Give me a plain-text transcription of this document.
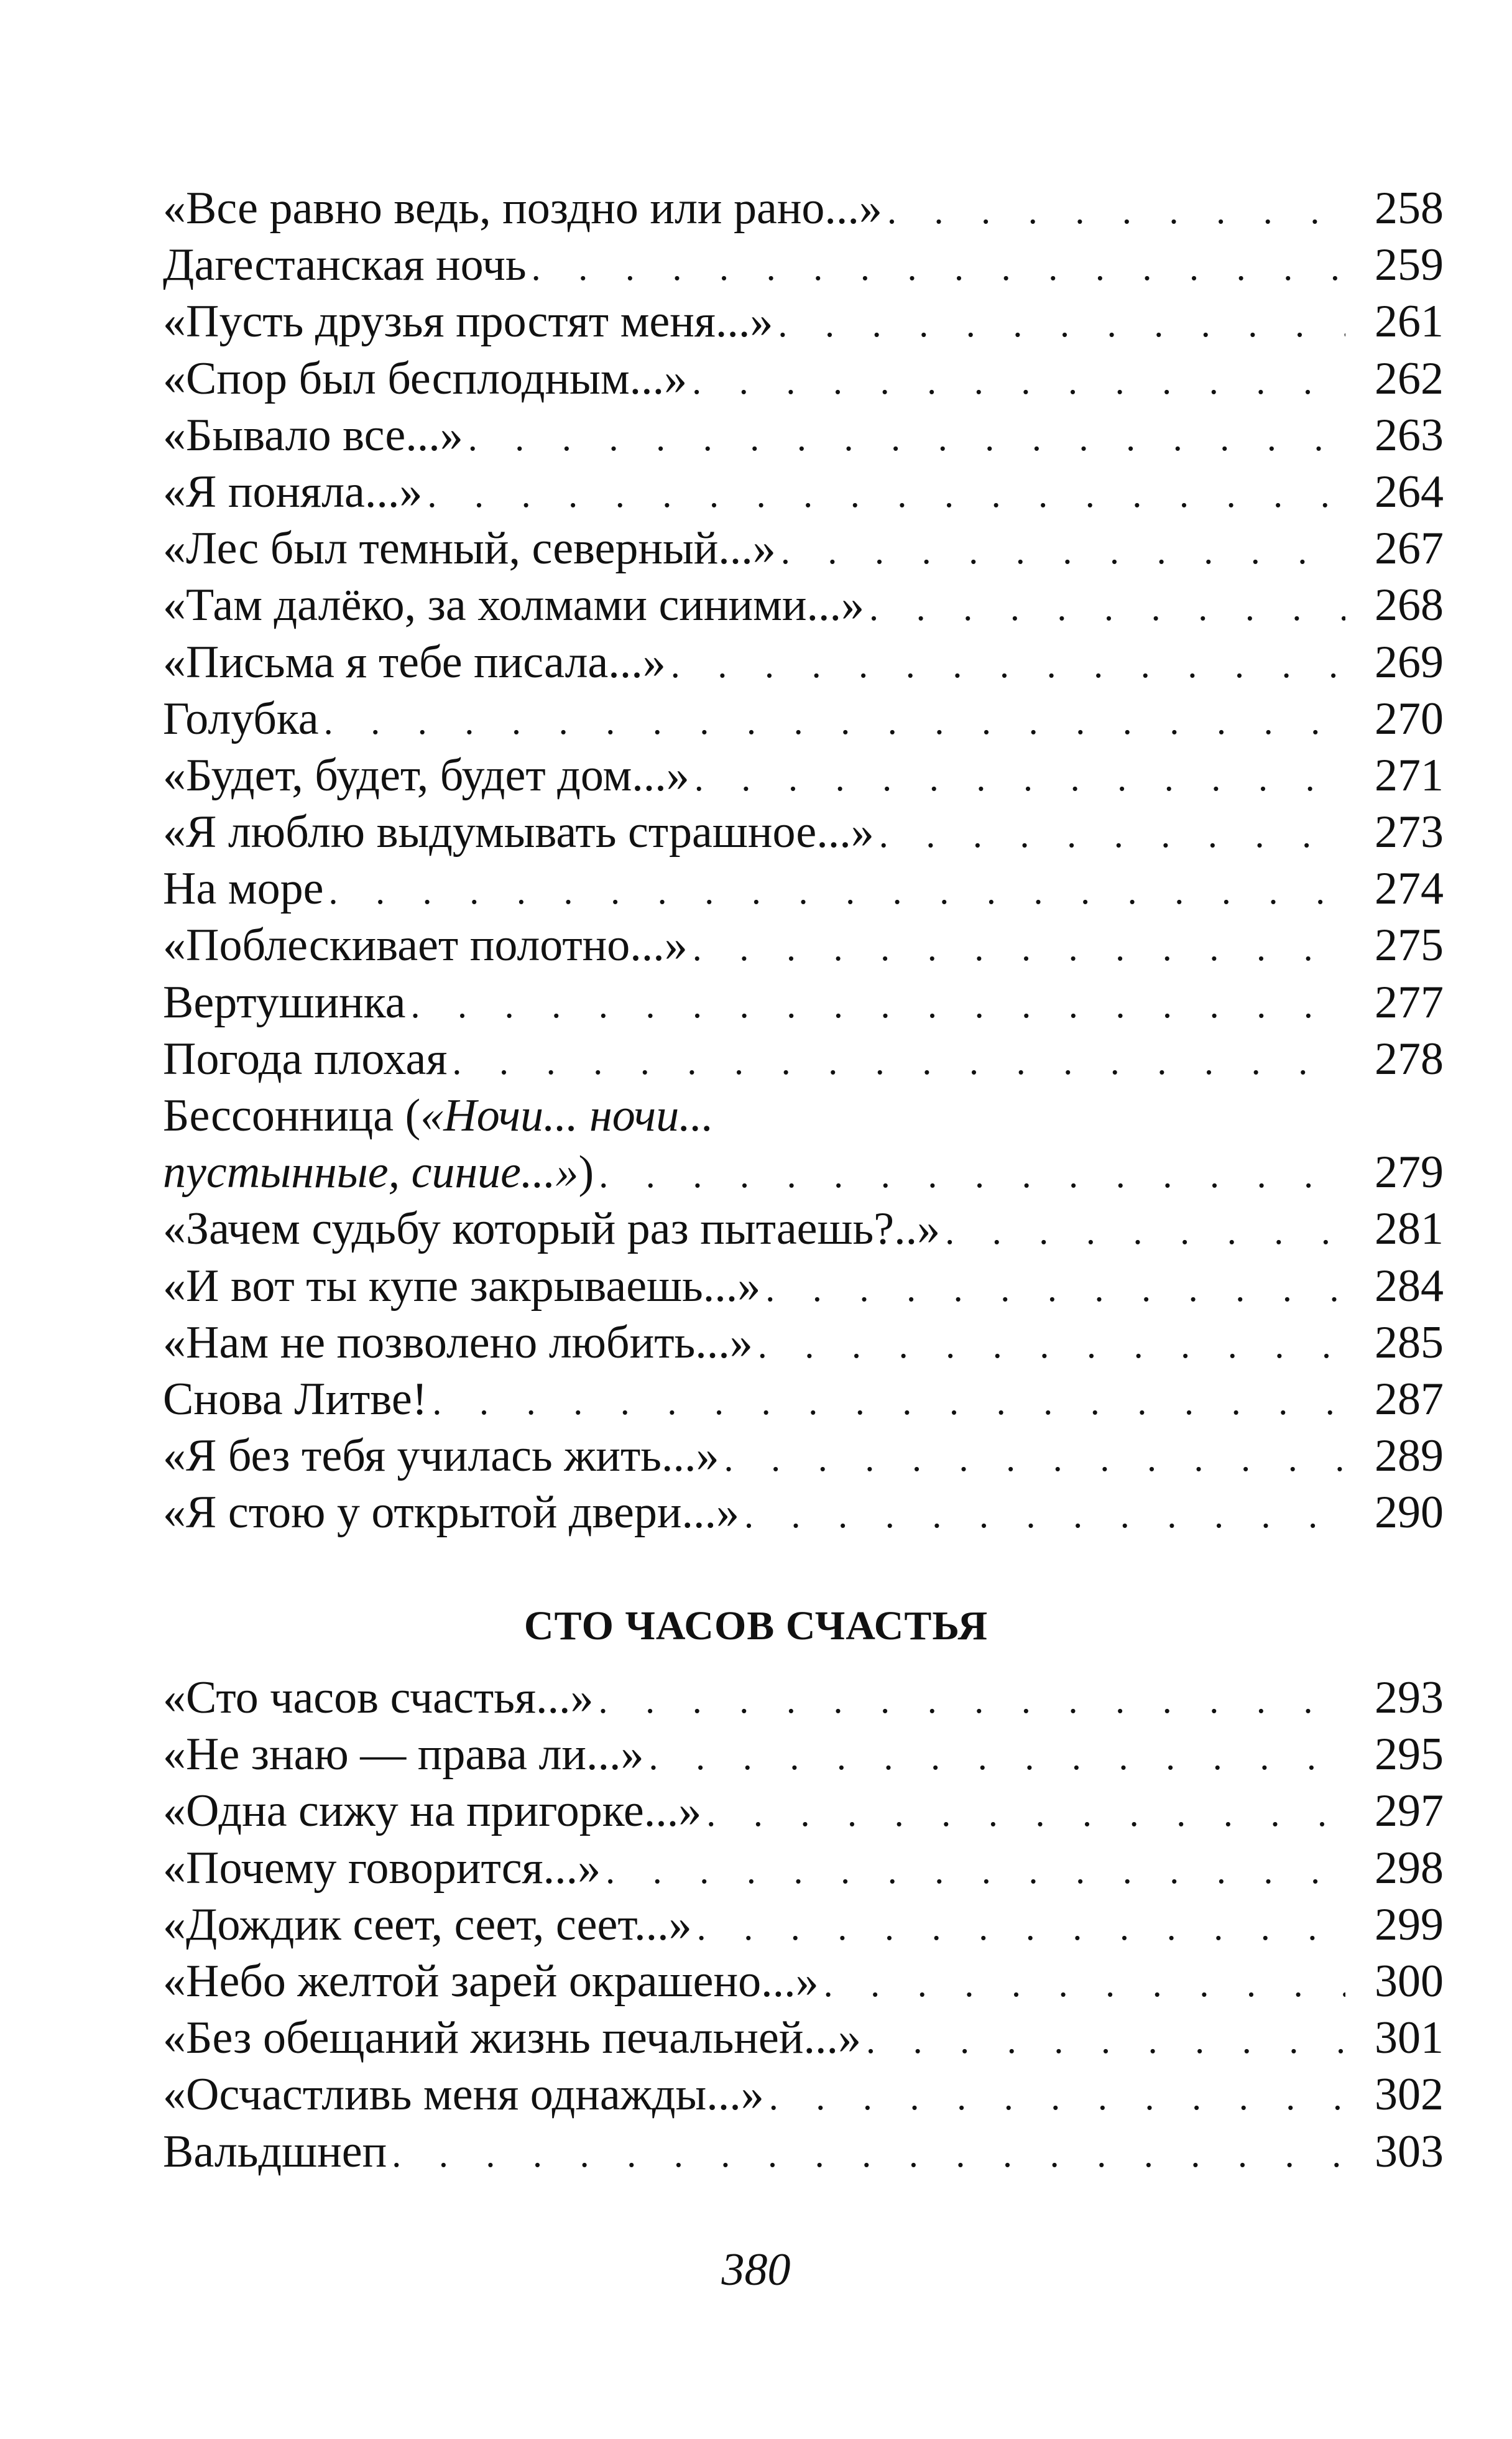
«Все равно ведь, поздно или рано...» . . .	258
Дагестанская ночь . . .	259
«Пусть друзья простят меня...» . . .	261
«Спор был бесплодным...» . . .	262
«Бывало все...» . . .	263
«Я поняла...» . . .	264
«Лес был темный, северный...» . . .	267
«Там далёко, за холмами синими...» . . .	268
«Письма я тебе писала...» . . .	269
Голубка . . .	270
«Будет, будет, будет дом...» . . .	271
«Я люблю выдумывать страшное...» . . .	273
На море . . .	274
«Поблескивает полотно...» . . .	275
Вертушинка . . .	277
Погода плохая . . .	278
Бессонница («Ночи... ночи...
пустынные, синие...») . . .	279
«Зачем судьбу который раз пытаешь?..» . . .	281
«И вот ты купе закрываешь...» . . .	284
«Нам не позволено любить...» . . .	285
Снова Литве! . . .	287
«Я без тебя училась жить...» . . .	289
«Я стою у открытой двери...» . . .	290
СТО ЧАСОВ СЧАСТЬЯ
«Сто часов счастья...» . . .	293
«Не знаю — права ли...» . . .	295
«Одна сижу на пригорке...» . . .	297
«Почему говорится...» . . .	298
«Дождик сеет, сеет, сеет...» . . .	299
«Небо желтой зарей окрашено...» . . .	300
«Без обещаний жизнь печальней...» . . .	301
«Осчастливь меня однажды...» . . .	302
Вальдшнеп . . .	303
380
